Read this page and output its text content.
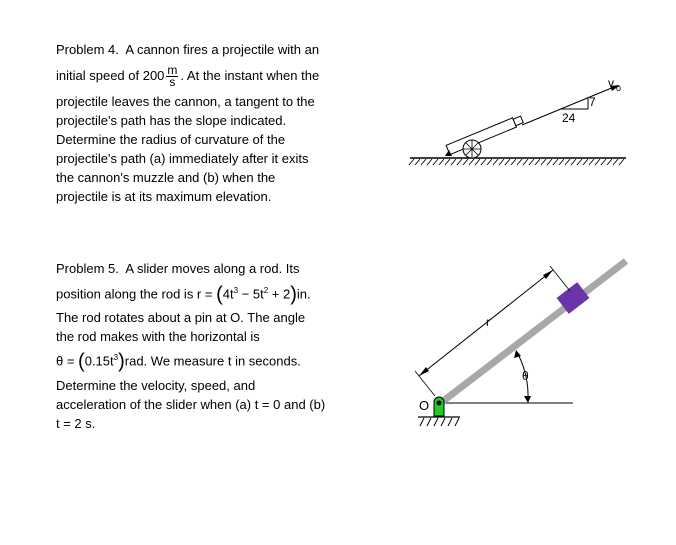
Problem 4. A cannon fires a projectile with an
initial speed of $200 \frac{m}{s}$ . At the instant when the
projectile leaves the cannon, a tangent to the
projectile's path has the slope indicated.
Determine the radius of curvature of the
projectile's path (a) immediately after it exits
the cannon's muzzle and (b) when the
projectile is at its maximum elevation.
24
7
v o
Problem 5. A slider moves along a rod. Its
position along the rod is $r = (4t^3 - 5t^2 + 2)in$.
The rod rotates about a pin at O. The angle
the rod makes with the horizontal is
$\theta = (0.15t^3)rad$. We measure t in seconds.
Determine the velocity, speed, and
acceleration of the slider when (a) t = 0 and (b)
t = 2 s.
r
θ
O
